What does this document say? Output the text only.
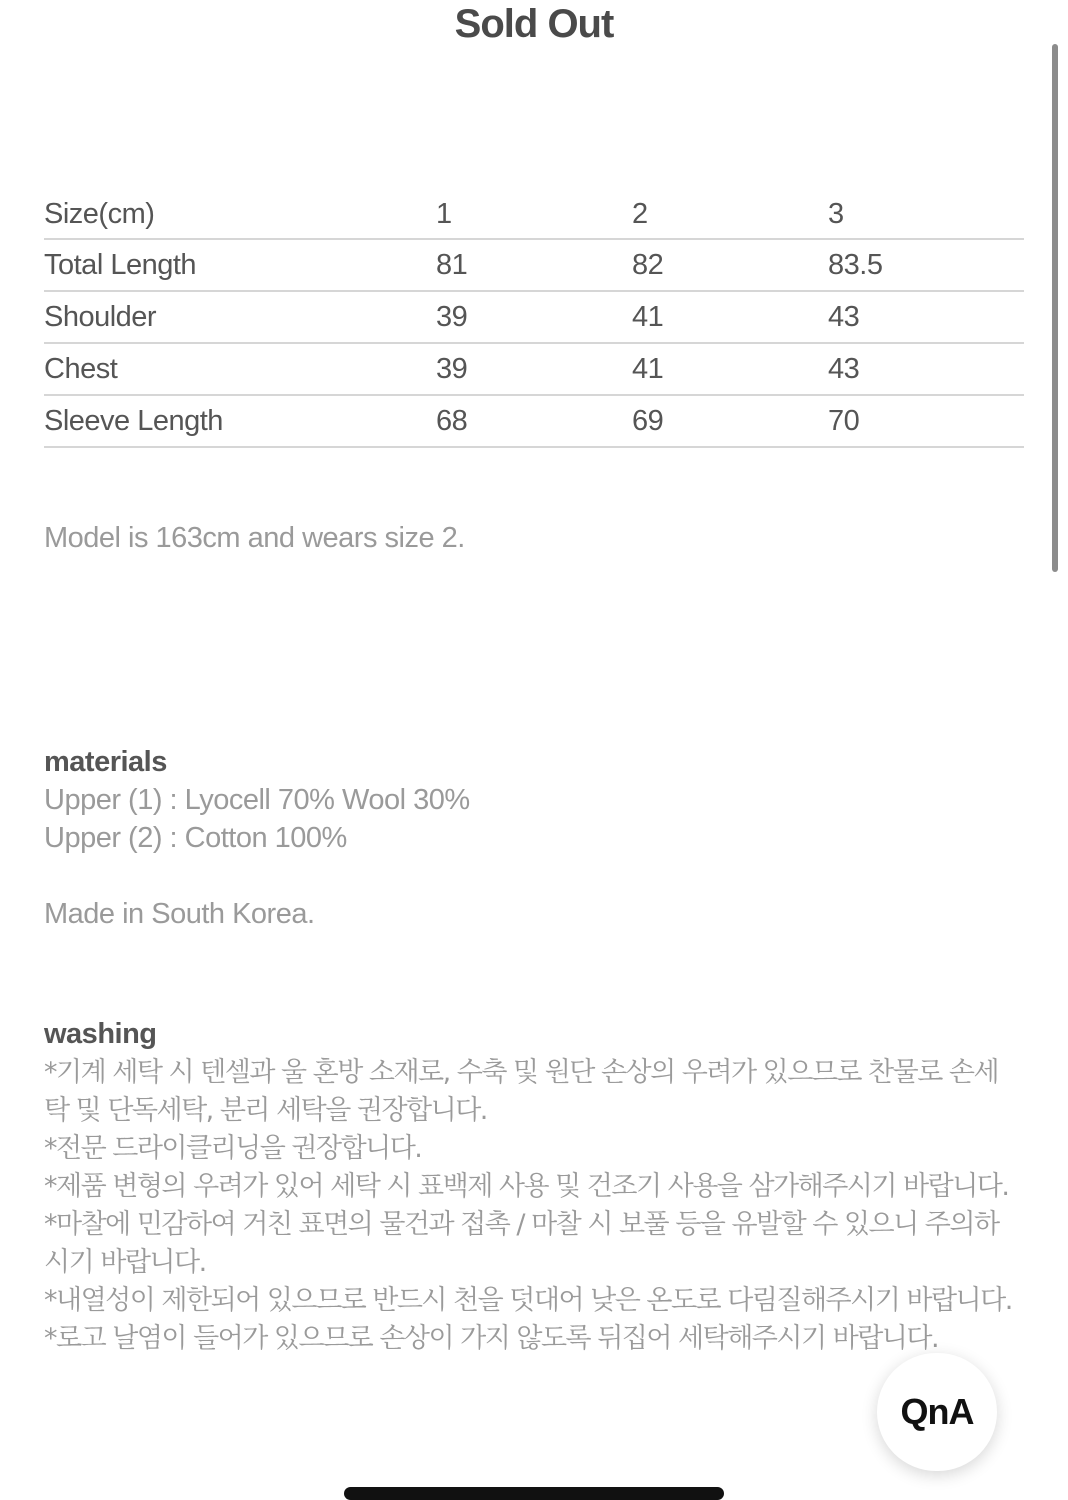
Sold Out
Size(cm)	1	2	3
Total Length	81	82	83.5
Shoulder	39	41	43
Chest	39	41	43
Sleeve Length	68	69	70
Model is 163cm and wears size 2.
materials
Upper (1) : Lyocell 70% Wool 30%
Upper (2) : Cotton 100%
Made in South Korea.
washing

*기계 세탁 시 텐셀과 울 혼방 소재로, 수축 및 원단 손상의 우려가 있으므로 찬물로 손세탁 및 단독세탁, 분리 세탁을 권장합니다.

*전문 드라이클리닝을 권장합니다.

*제품 변형의 우려가 있어 세탁 시 표백제 사용 및 건조기 사용을 삼가해주시기 바랍니다.

*마찰에 민감하여 거친 표면의 물건과 접촉 / 마찰 시 보풀 등을 유발할 수 있으니 주의하시기 바랍니다.

*내열성이 제한되어 있으므로 반드시 천을 덧대어 낮은 온도로 다림질해주시기 바랍니다.

*로고 날염이 들어가 있으므로 손상이 가지 않도록 뒤집어 세탁해주시기 바랍니다.

QnA
